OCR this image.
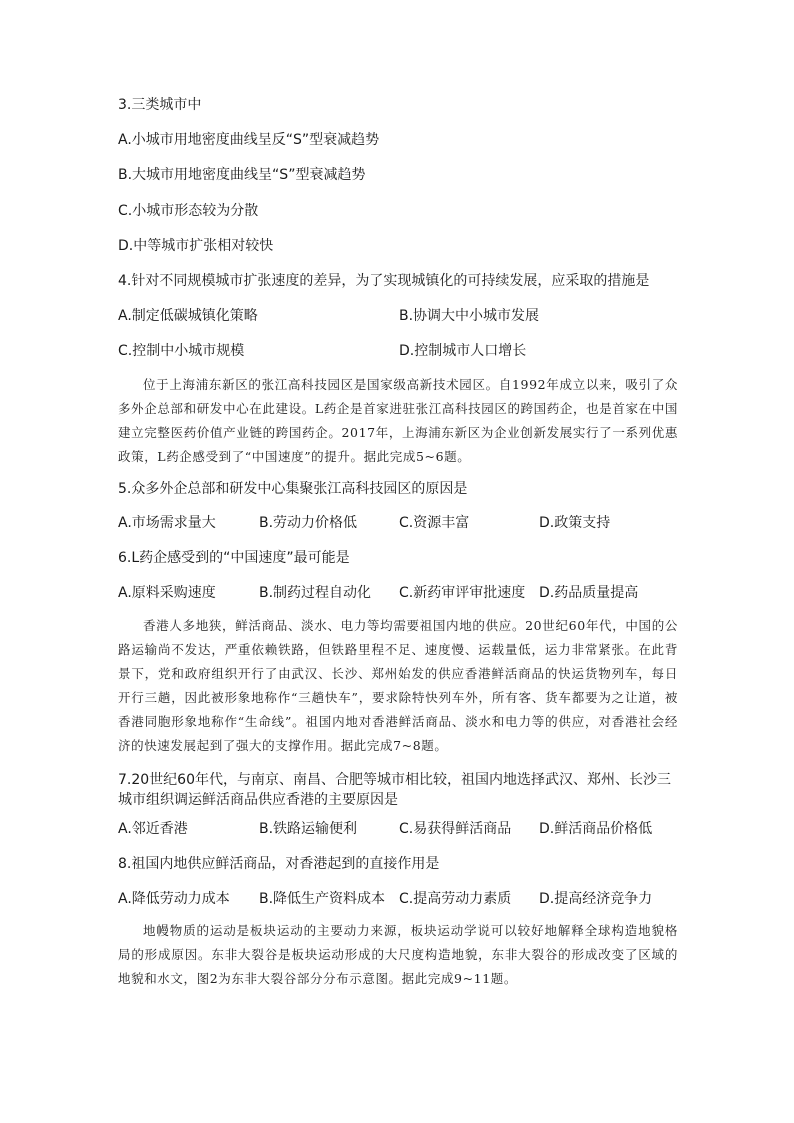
3.三类城市中
A.小城市用地密度曲线呈反“S”型衰减趋势
B.大城市用地密度曲线呈“S”型衰减趋势
C.小城市形态较为分散
D.中等城市扩张相对较快
4.针对不同规模城市扩张速度的差异，为了实现城镇化的可持续发展，应采取的措施是
A.制定低碳城镇化策略	B.协调大中小城市发展
C.控制中小城市规模	D.控制城市人口增长
位于上海浦东新区的张江高科技园区是国家级高新技术园区。自1992年成立以来，吸引了众多外企总部和研发中心在此建设。L药企是首家进驻张江高科技园区的跨国药企，也是首家在中国建立完整医药价值产业链的跨国药企。2017年，上海浦东新区为企业创新发展实行了一系列优惠政策，L药企感受到了“中国速度”的提升。据此完成5~6题。
5.众多外企总部和研发中心集聚张江高科技园区的原因是
A.市场需求量大	B.劳动力价格低	C.资源丰富	D.政策支持
6.L药企感受到的“中国速度”最可能是
A.原料采购速度	B.制药过程自动化 C.新药审评审批速度 D.药品质量提高
香港人多地狭，鲜活商品、淡水、电力等均需要祖国内地的供应。20世纪60年代，中国的公路运输尚不发达，严重依赖铁路，但铁路里程不足、速度慢、运载量低，运力非常紧张。在此背景下，党和政府组织开行了由武汉、长沙、郑州始发的供应香港鲜活商品的快运货物列车，每日开行三趟，因此被形象地称作“三趟快车”，要求除特快列车外，所有客、货车都要为之让道，被香港同胞形象地称作“生命线”。祖国内地对香港鲜活商品、淡水和电力等的供应，对香港社会经济的快速发展起到了强大的支撑作用。据此完成7~8题。
7.20世纪60年代，与南京、南昌、合肥等城市相比较，祖国内地选择武汉、郑州、长沙三
城市组织调运鲜活商品供应香港的主要原因是
A.邻近香港	B.铁路运输便利	C.易获得鲜活商品 D.鲜活商品价格低
8.祖国内地供应鲜活商品，对香港起到的直接作用是
A.降低劳动力成本 B.降低生产资料成本 C.提高劳动力素质 D.提高经济竞争力
地幔物质的运动是板块运动的主要动力来源，板块运动学说可以较好地解释全球构造地貌格局的形成原因。东非大裂谷是板块运动形成的大尺度构造地貌，东非大裂谷的形成改变了区域的地貌和水文，图2为东非大裂谷部分分布示意图。据此完成9~11题。
